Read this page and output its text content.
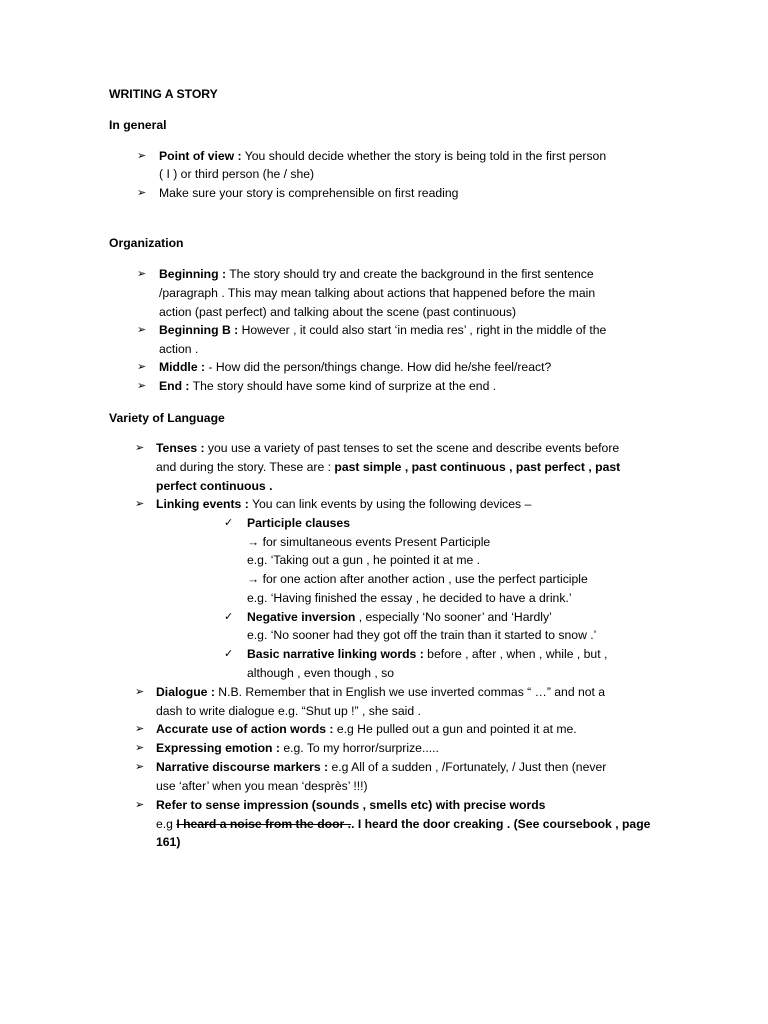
WRITING A STORY
In general
➢ Point of view : You should decide whether the story is being told in the first person
( I ) or third person (he / she)
➢ Make sure your story is comprehensible on first reading
Organization
➢ Beginning : The story should try and create the background in the first sentence
/paragraph . This may mean talking about actions that happened before the main
action (past perfect) and talking about the scene (past continuous)
➢ Beginning B : However , it could also start ‘in media res’ , right in the middle of the
action .
➢ Middle : - How did the person/things change. How did he/she feel/react?
➢ End : The story should have some kind of surprize at the end .
Variety of Language
➢ Tenses : you use a variety of past tenses to set the scene and describe events before
and during the story. These are : past simple , past continuous , past perfect , past
perfect continuous .
➢ Linking events : You can link events by using the following devices –
✓ Participle clauses
→ for simultaneous events Present Participle
e.g. ‘Taking out a gun , he pointed it at me .
→ for one action after another action , use the perfect participle
e.g. ‘Having finished the essay , he decided to have a drink.’
✓ Negative inversion , especially ‘No sooner’ and ‘Hardly’
e.g. ‘No sooner had they got off the train than it started to snow .’
✓ Basic narrative linking words : before , after , when , while , but ,
although , even though , so
➢ Dialogue : N.B. Remember that in English we use inverted commas “ …” and not a
dash to write dialogue e.g. “Shut up !” , she said .
➢ Accurate use of action words : e.g He pulled out a gun and pointed it at me.
➢ Expressing emotion : e.g. To my horror/surprize.....
➢ Narrative discourse markers : e.g All of a sudden , /Fortunately, / Just then (never
use ‘after’ when you mean ‘desprès’ !!!)
➢ Refer to sense impression (sounds , smells etc) with precise words
e.g I heard a noise from the door .. I heard the door creaking . (See coursebook , page
161)
